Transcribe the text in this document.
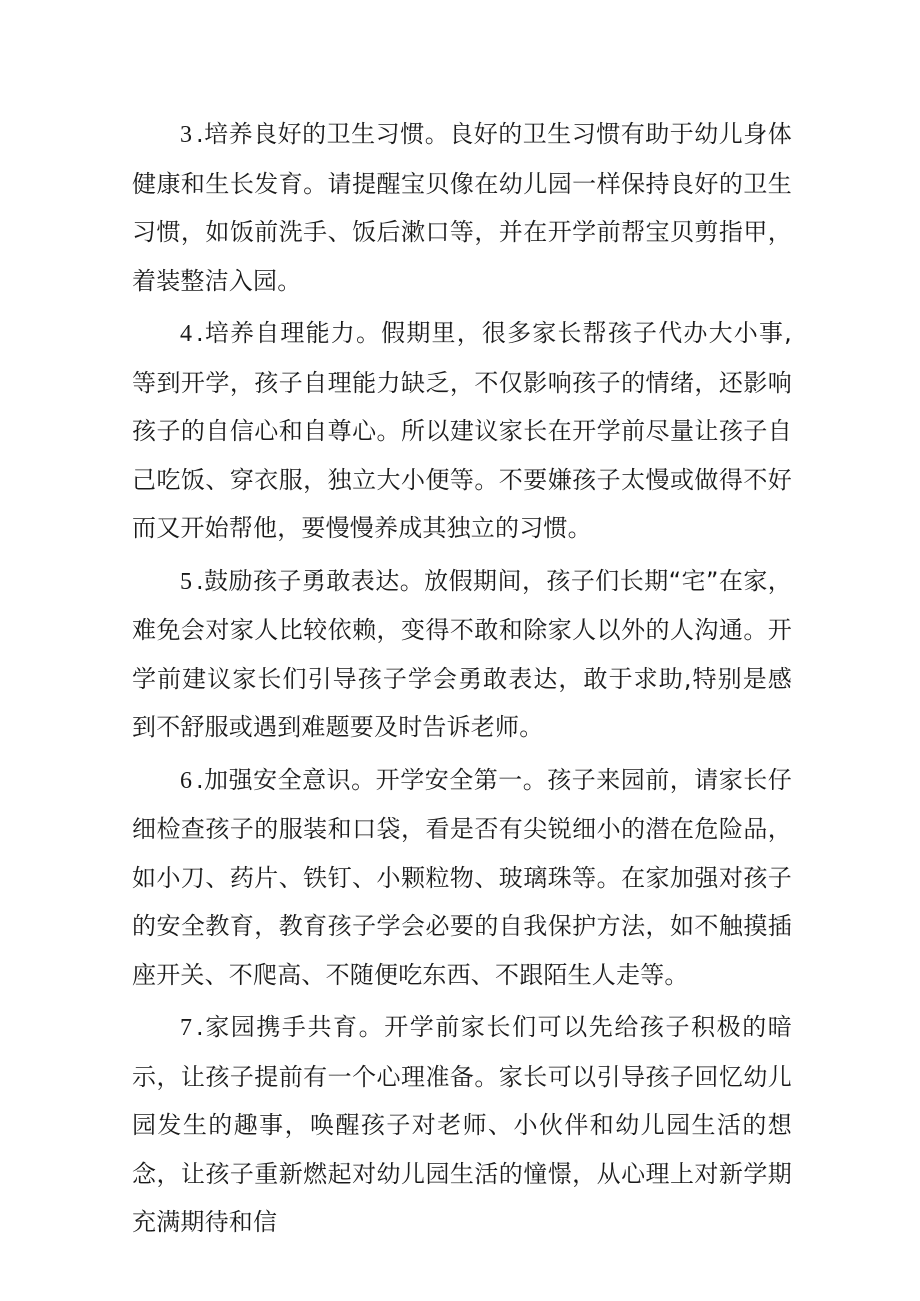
3.培养良好的卫生习惯。良好的卫生习惯有助于幼儿身体健康和生长发育。请提醒宝贝像在幼儿园一样保持良好的卫生习惯，如饭前洗手、饭后漱口等，并在开学前帮宝贝剪指甲，着装整洁入园。

4.培养自理能力。假期里，很多家长帮孩子代办大小事,等到开学，孩子自理能力缺乏，不仅影响孩子的情绪，还影响孩子的自信心和自尊心。所以建议家长在开学前尽量让孩子自己吃饭、穿衣服，独立大小便等。不要嫌孩子太慢或做得不好而又开始帮他，要慢慢养成其独立的习惯。

5.鼓励孩子勇敢表达。放假期间，孩子们长期“宅”在家，难免会对家人比较依赖，变得不敢和除家人以外的人沟通。开学前建议家长们引导孩子学会勇敢表达，敢于求助,特别是感到不舒服或遇到难题要及时告诉老师。

6.加强安全意识。开学安全第一。孩子来园前，请家长仔细检查孩子的服装和口袋，看是否有尖锐细小的潜在危险品，如小刀、药片、铁钉、小颗粒物、玻璃珠等。在家加强对孩子的安全教育，教育孩子学会必要的自我保护方法，如不触摸插座开关、不爬高、不随便吃东西、不跟陌生人走等。

7.家园携手共育。开学前家长们可以先给孩子积极的暗示，让孩子提前有一个心理准备。家长可以引导孩子回忆幼儿园发生的趣事，唤醒孩子对老师、小伙伴和幼儿园生活的想念，让孩子重新燃起对幼儿园生活的憧憬，从心理上对新学期充满期待和信
